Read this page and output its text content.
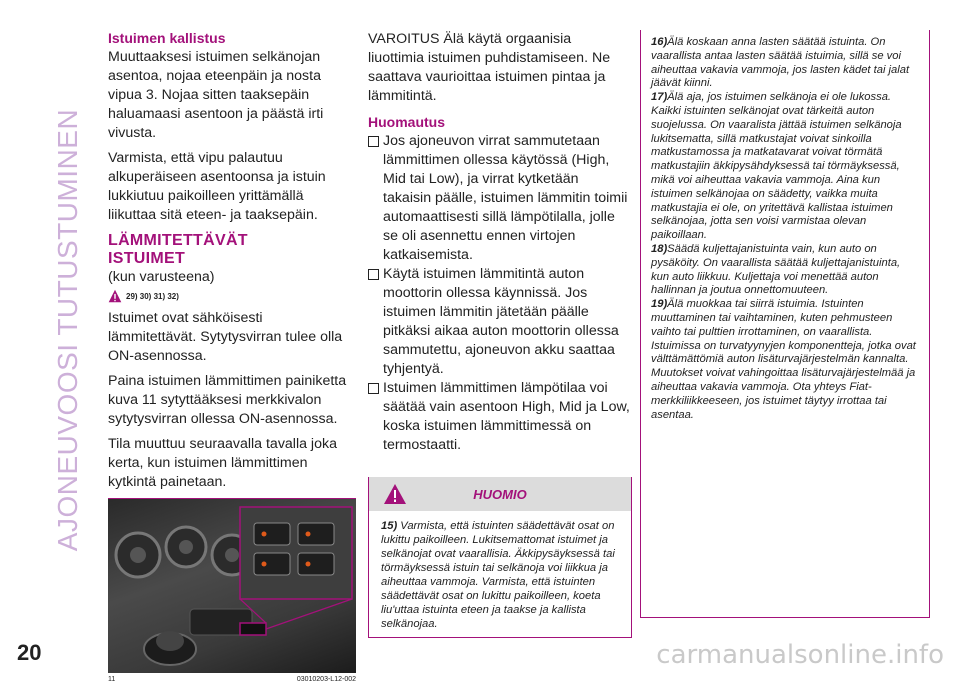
AJONEUVOOSI TUTUSTUMINEN
Istuimen kallistus

Muuttaaksesi istuimen selkänojan asentoa, nojaa eteenpäin ja nosta vipua 3. Nojaa sitten taaksepäin haluamaasi asentoon ja päästä irti vivusta.

Varmista, että vipu palautuu alkuperäiseen asentoonsa ja istuin lukkiutuu paikoilleen yrittämällä liikuttaa sitä eteen- ja taaksepäin.

LÄMMITETTÄVÄT
ISTUIMET
(kun varusteena)
29) 30) 31) 32)

Istuimet ovat sähköisesti lämmitettävät. Sytytysvirran tulee olla ON-asennossa.

Paina istuimen lämmittimen painiketta kuva 11 sytyttääksesi merkkivalon sytytysvirran ollessa ON-asennossa.

Tila muuttuu seuraavalla tavalla joka kerta, kun istuimen lämmittimen kytkintä painetaan.

11	03010203-L12-002

VAROITUS Älä käytä orgaanisia liuottimia istuimen puhdistamiseen. Ne saattava vaurioittaa istuimen pintaa ja lämmitintä.

Huomautus

Jos ajoneuvon virrat sammutetaan lämmittimen ollessa käytössä (High, Mid tai Low), ja virrat kytketään takaisin päälle, istuimen lämmitin toimii automaattisesti sillä lämpötilalla, jolle se oli asennettu ennen virtojen katkaisemista.

Käytä istuimen lämmitintä auton moottorin ollessa käynnissä. Jos istuimen lämmitin jätetään päälle pitkäksi aikaa auton moottorin ollessa sammutettu, ajoneuvon akku saattaa tyhjentyä.

Istuimen lämmittimen lämpötilaa voi säätää vain asentoon High, Mid ja Low, koska istuimen lämmittimessä on termostaatti.

HUOMIO
15) Varmista, että istuinten säädettävät osat on lukittu paikoilleen. Lukitsemattomat istuimet ja selkänojat ovat vaarallisia. Äkkipysäyksessä tai törmäyksessä istuin tai selkänoja voi liikkua ja aiheuttaa vammoja. Varmista, että istuinten säädettävät osat on lukittu paikoilleen, koeta liu'uttaa istuinta eteen ja taakse ja kallista selkänojaa.

16)Älä koskaan anna lasten säätää istuinta. On vaarallista antaa lasten säätää istuimia, sillä se voi aiheuttaa vakavia vammoja, jos lasten kädet tai jalat jäävät kiinni.

17)Älä aja, jos istuimen selkänoja ei ole lukossa. Kaikki istuinten selkänojat ovat tärkeitä auton suojelussa. On vaaralista jättää istuimen selkänoja lukitsematta, sillä matkustajat voivat sinkoilla matkustamossa ja matkatavarat voivat törmätä matkustajiin äkkipysähdyksessä tai törmäyksessä, mikä voi aiheuttaa vakavia vammoja. Aina kun istuimen selkänojaa on säädetty, vaikka muita matkustajia ei ole, on yritettävä kallistaa istuimen selkänojaa, jotta sen voisi varmistaa olevan paikoillaan.

18)Säädä kuljettajanistuinta vain, kun auto on pysäköity. On vaarallista säätää kuljettajanistuinta, kun auto liikkuu. Kuljettaja voi menettää auton hallinnan ja joutua onnettomuuteen.

19)Älä muokkaa tai siirrä istuimia. Istuinten muuttaminen tai vaihtaminen, kuten pehmusteen vaihto tai pulttien irrottaminen, on vaarallista. Istuimissa on turvatyynyjen komponentteja, jotka ovat välttämättömiä auton lisäturvajärjestelmän kannalta. Muutokset voivat vahingoittaa lisäturvajärjestelmää ja aiheuttaa vakavia vammoja. Ota yhteys Fiat-merkkiliikkeeseen, jos istuimet täytyy irrottaa tai asentaa.

20	carmanualsonline.info
